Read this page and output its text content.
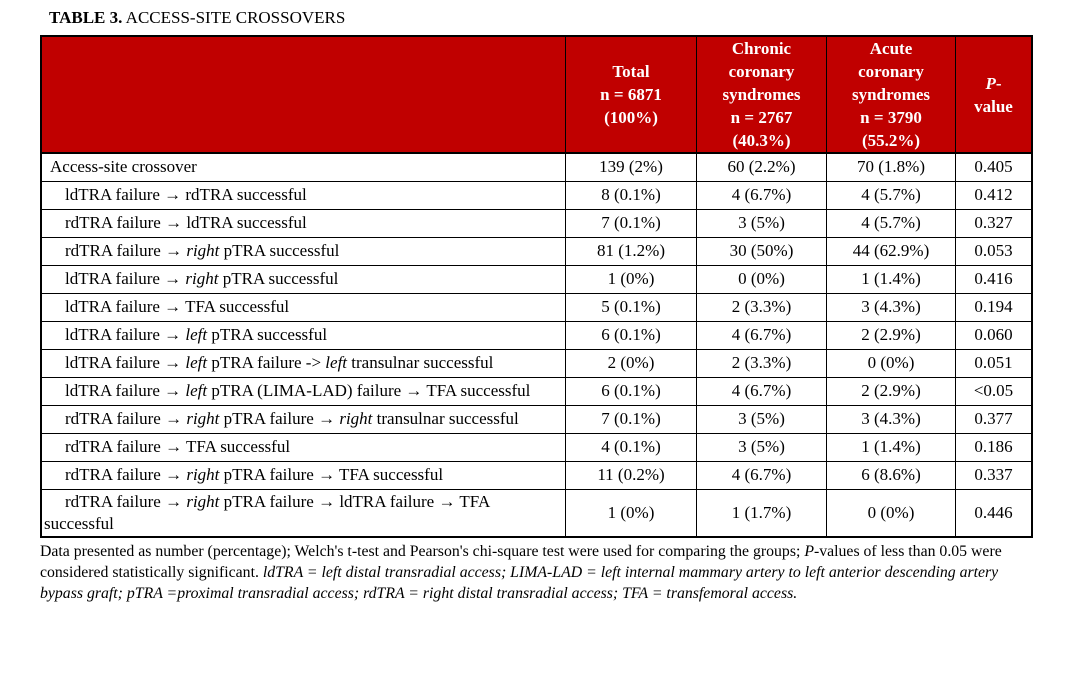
TABLE 3. ACCESS-SITE CROSSOVERS

Total
n = 6871
(100%)

Chronic
coronary
syndromes
n = 2767
(40.3%)

Acute
coronary
syndromes
n = 3790
(55.2%)

P-
value

Access-site crossover	139 (2%)	60 (2.2%)	70 (1.8%)	0.405
ldTRA failure → rdTRA successful	8 (0.1%)	4 (6.7%)	4 (5.7%)	0.412
rdTRA failure → ldTRA successful	7 (0.1%)	3 (5%)	4 (5.7%)	0.327
rdTRA failure → right pTRA successful	81 (1.2%)	30 (50%)	44 (62.9%)	0.053
ldTRA failure → right pTRA successful	1 (0%)	0 (0%)	1 (1.4%)	0.416
ldTRA failure → TFA successful	5 (0.1%)	2 (3.3%)	3 (4.3%)	0.194
ldTRA failure → left pTRA successful	6 (0.1%)	4 (6.7%)	2 (2.9%)	0.060
ldTRA failure → left pTRA failure -> left transulnar successful	2 (0%)	2 (3.3%)	0 (0%)	0.051
ldTRA failure → left pTRA (LIMA-LAD) failure → TFA successful	6 (0.1%)	4 (6.7%)	2 (2.9%)	<0.05
rdTRA failure → right pTRA failure → right transulnar successful	7 (0.1%)	3 (5%)	3 (4.3%)	0.377
rdTRA failure → TFA successful	4 (0.1%)	3 (5%)	1 (1.4%)	0.186
rdTRA failure → right pTRA failure → TFA successful	11 (0.2%)	4 (6.7%)	6 (8.6%)	0.337
rdTRA failure → right pTRA failure → ldTRA failure → TFA successful	1 (0%)	1 (1.7%)	0 (0%)	0.446
Data presented as number (percentage); Welch's t-test and Pearson's chi-square test were used for comparing the groups; P-values of less than 0.05 were considered statistically significant. ldTRA = left distal transradial access; LIMA-LAD = left internal mammary artery to left anterior descending artery bypass graft; pTRA =proximal transradial access; rdTRA = right distal transradial access; TFA = transfemoral access.
